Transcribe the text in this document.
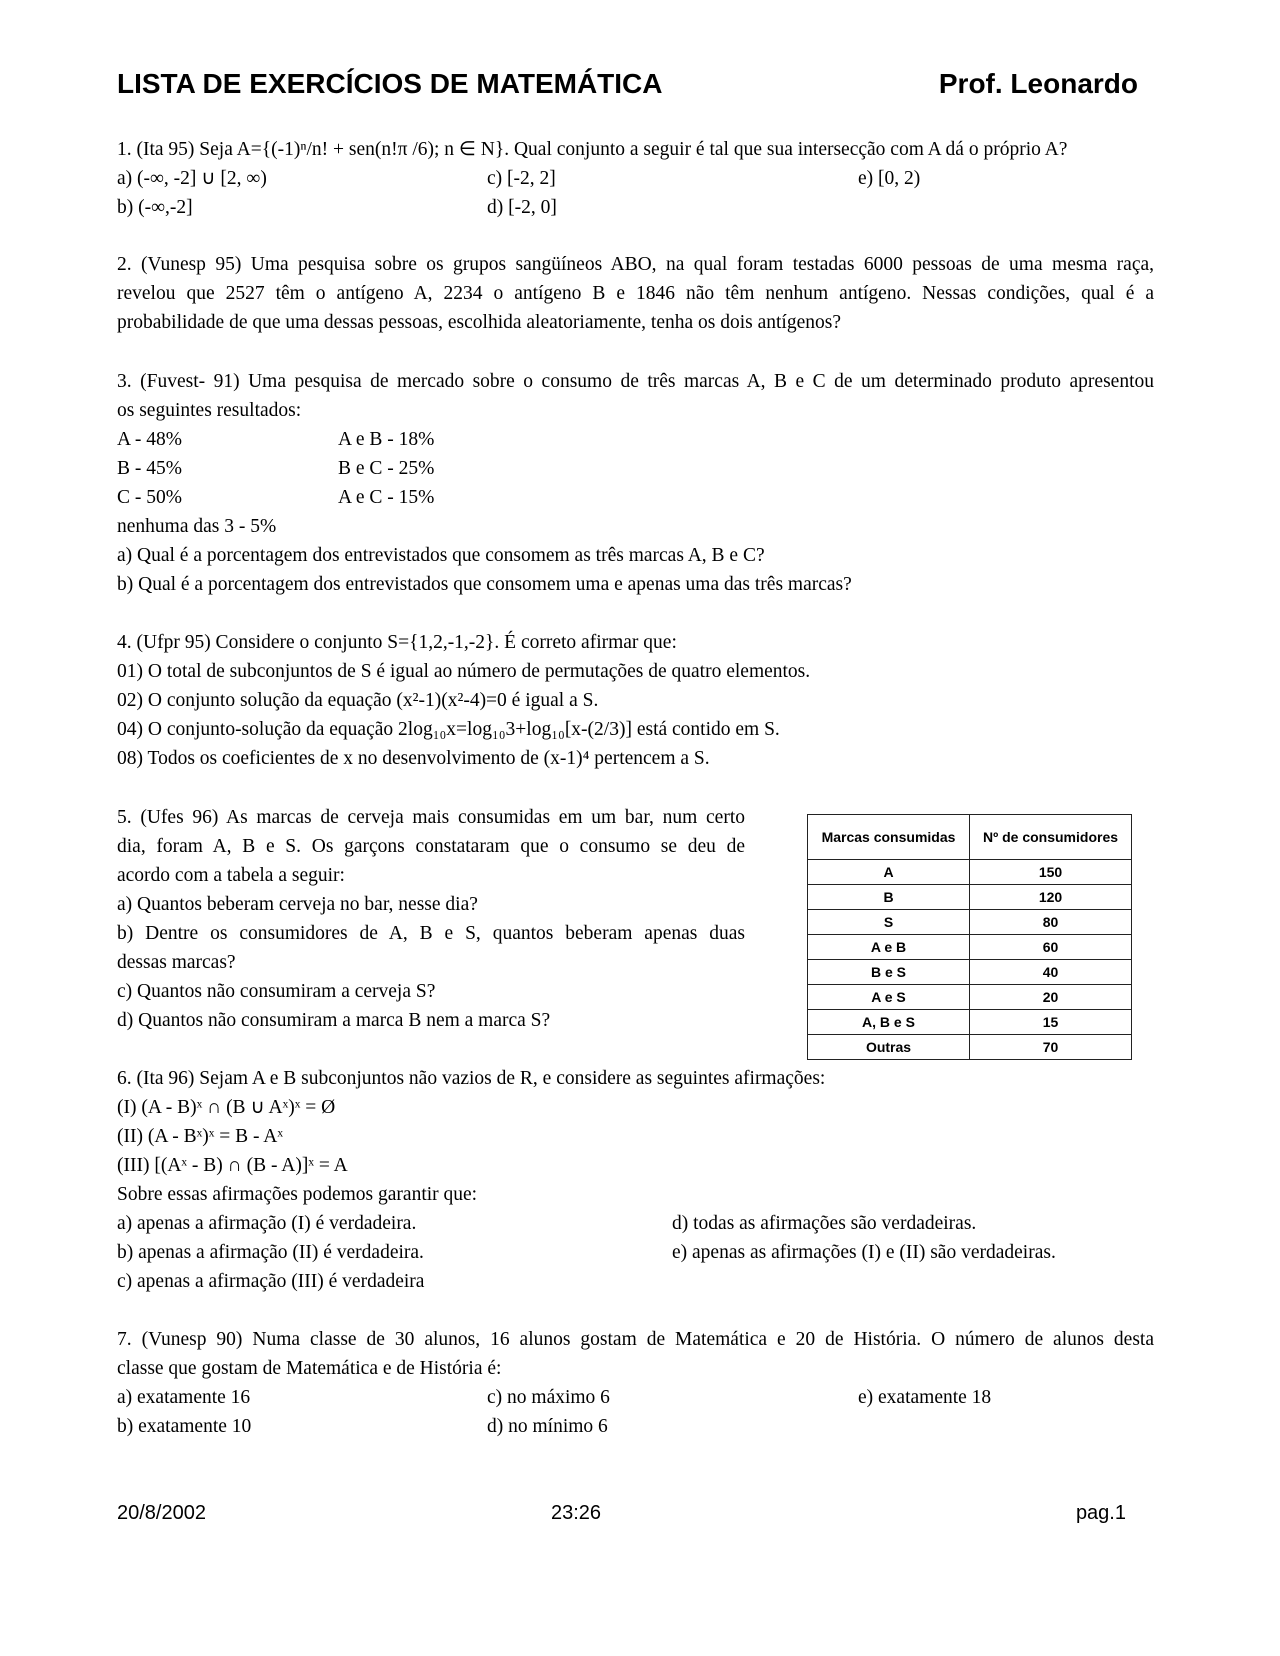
LISTA DE EXERCÍCIOS DE MATEMÁTICA	Prof. Leonardo
1. (Ita 95) Seja A={(-1)ⁿ/n! + sen(n!π /6); n ∈ N}. Qual conjunto a seguir é tal que sua intersecção com A dá o próprio A?
a) (-∞, -2] ∪ [2, ∞)	c) [-2, 2]	e) [0, 2)
b) (-∞,-2]	d) [-2, 0]
2. (Vunesp 95) Uma pesquisa sobre os grupos sangüíneos ABO, na qual foram testadas 6000 pessoas de uma mesma raça,
revelou que 2527 têm o antígeno A, 2234 o antígeno B e 1846 não têm nenhum antígeno. Nessas condições, qual é a
probabilidade de que uma dessas pessoas, escolhida aleatoriamente, tenha os dois antígenos?
3. (Fuvest- 91) Uma pesquisa de mercado sobre o consumo de três marcas A, B e C de um determinado produto apresentou
os seguintes resultados:
A - 48%	A e B - 18%
B - 45%	B e C - 25%
C - 50%	A e C - 15%
nenhuma das 3 - 5%
a) Qual é a porcentagem dos entrevistados que consomem as três marcas A, B e C?
b) Qual é a porcentagem dos entrevistados que consomem uma e apenas uma das três marcas?
4. (Ufpr 95) Considere o conjunto S={1,2,-1,-2}. É correto afirmar que:
01) O total de subconjuntos de S é igual ao número de permutações de quatro elementos.
02) O conjunto solução da equação (x²-1)(x²-4)=0 é igual a S.
04) O conjunto-solução da equação 2log₁₀x=log₁₀3+log₁₀[x-(2/3)] está contido em S.
08) Todos os coeficientes de x no desenvolvimento de (x-1)⁴ pertencem a S.
5. (Ufes 96) As marcas de cerveja mais consumidas em um bar, num certo
dia, foram A, B e S. Os garçons constataram que o consumo se deu de
acordo com a tabela a seguir:
a) Quantos beberam cerveja no bar, nesse dia?
b) Dentre os consumidores de A, B e S, quantos beberam apenas duas
dessas marcas?
c) Quantos não consumiram a cerveja S?
d) Quantos não consumiram a marca B nem a marca S?
Marcas consumidas	Nº de consumidores
A	150
B	120
S	80
A e B	60
B e S	40
A e S	20
A, B e S	15
Outras	70
6. (Ita 96) Sejam A e B subconjuntos não vazios de R, e considere as seguintes afirmações:
(I) (A - B)ˣ ∩ (B ∪ Aˣ)ˣ = Ø
(II) (A - Bˣ)ˣ = B - Aˣ
(III) [(Aˣ - B) ∩ (B - A)]ˣ = A
Sobre essas afirmações podemos garantir que:
a) apenas a afirmação (I) é verdadeira.	d) todas as afirmações são verdadeiras.
b) apenas a afirmação (II) é verdadeira.	e) apenas as afirmações (I) e (II) são verdadeiras.
c) apenas a afirmação (III) é verdadeira
7. (Vunesp 90) Numa classe de 30 alunos, 16 alunos gostam de Matemática e 20 de História. O número de alunos desta
classe que gostam de Matemática e de História é:
a) exatamente 16	c) no máximo 6	e) exatamente 18
b) exatamente 10	d) no mínimo 6
20/8/2002	23:26	pag.1
